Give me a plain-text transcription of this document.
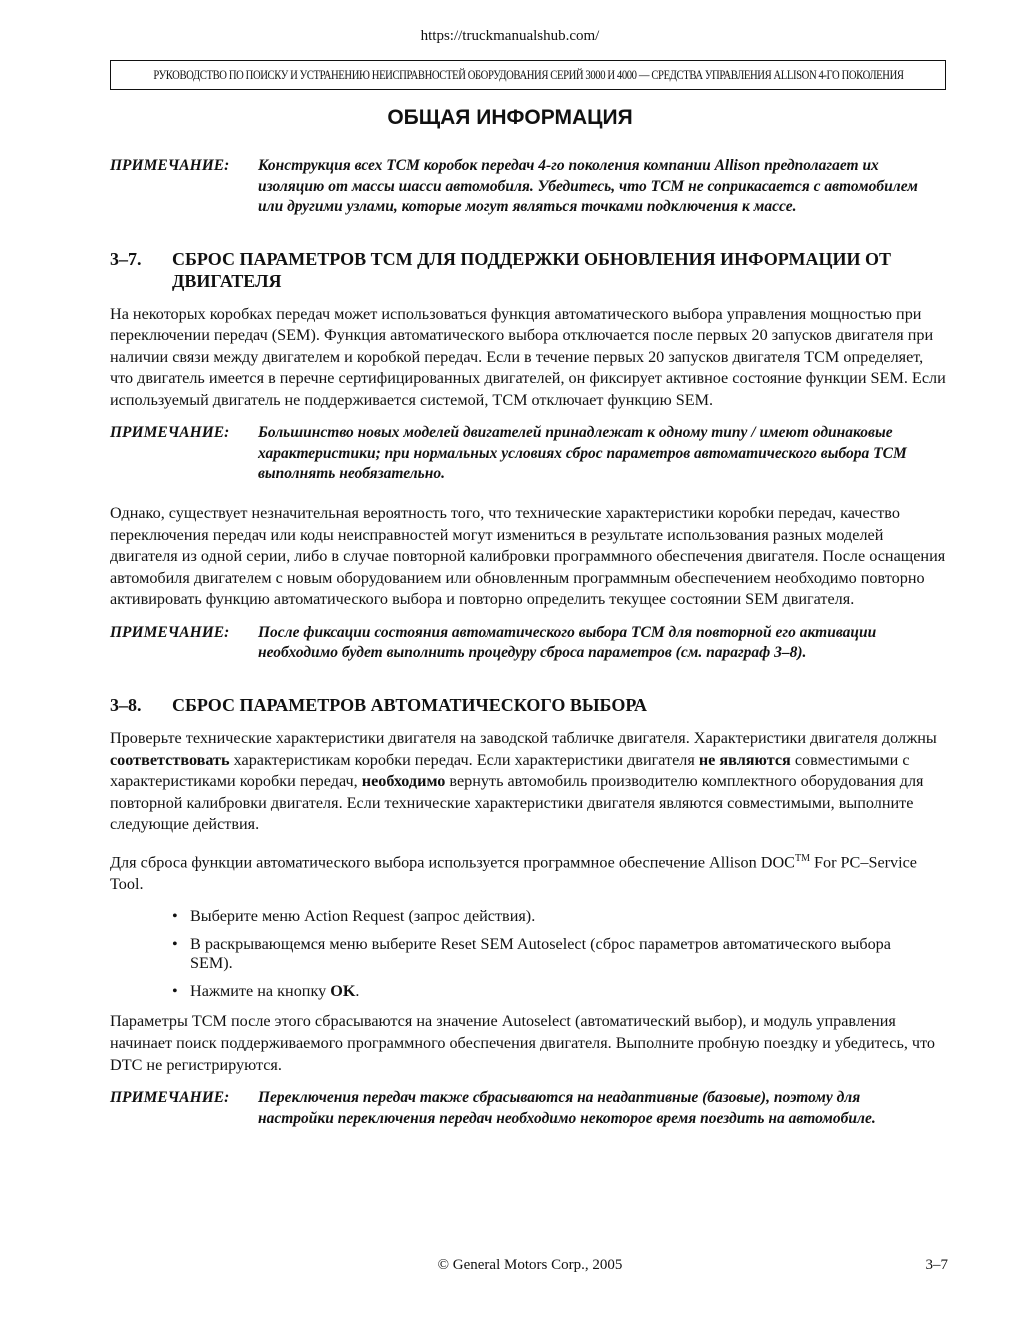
https://truckmanualshub.com/
РУКОВОДСТВО ПО ПОИСКУ И УСТРАНЕНИЮ НЕИСПРАВНОСТЕЙ ОБОРУДОВАНИЯ СЕРИЙ 3000 И 4000 — СРЕДСТВА УПРАВЛЕНИЯ ALLISON 4-ГО ПОКОЛЕНИЯ
ОБЩАЯ ИНФОРМАЦИЯ
ПРИМЕЧАНИЕ:	Конструкция всех TCM коробок передач 4-го поколения компании Allison предполагает их изоляцию от массы шасси автомобиля. Убедитесь, что TCM не соприкасается с автомобилем или другими узлами, которые могут являться точками подключения к массе.
3–7.	СБРОС ПАРАМЕТРОВ TCM ДЛЯ ПОДДЕРЖКИ ОБНОВЛЕНИЯ ИНФОРМАЦИИ ОТ ДВИГАТЕЛЯ

На некоторых коробках передач может использоваться функция автоматического выбора управления мощностью при переключении передач (SEM). Функция автоматического выбора отключается после первых 20 запусков двигателя при наличии связи между двигателем и коробкой передач. Если в течение первых 20 запусков двигателя TCM определяет, что двигатель имеется в перечне сертифицированных двигателей, он фиксирует активное состояние функции SEM. Если используемый двигатель не поддерживается системой, TCM отключает функцию SEM.

ПРИМЕЧАНИЕ:	Большинство новых моделей двигателей принадлежат к одному типу / имеют одинаковые характеристики; при нормальных условиях сброс параметров автоматического выбора TCM выполнять необязательно.

Однако, существует незначительная вероятность того, что технические характеристики коробки передач, качество переключения передач или коды неисправностей могут измениться в результате использования разных моделей двигателя из одной серии, либо в случае повторной калибровки программного обеспечения двигателя. После оснащения автомобиля двигателем с новым оборудованием или обновленным программным обеспечением необходимо повторно активировать функцию автоматического выбора и повторно определить текущее состоянии SEM двигателя.

ПРИМЕЧАНИЕ:	После фиксации состояния автоматического выбора TCM для повторной его активации необходимо будет выполнить процедуру сброса параметров (см. параграф 3–8).
3–8.	СБРОС ПАРАМЕТРОВ АВТОМАТИЧЕСКОГО ВЫБОРА

Проверьте технические характеристики двигателя на заводской табличке двигателя. Характеристики двигателя должны соответствовать характеристикам коробки передач. Если характеристики двигателя не являются совместимыми с характеристиками коробки передач, необходимо вернуть автомобиль производителю комплектного оборудования для повторной калибровки двигателя. Если технические характеристики двигателя являются совместимыми, выполните следующие действия.

Для сброса функции автоматического выбора используется программное обеспечение Allison DOC™ For PC–Service Tool.

• Выберите меню Action Request (запрос действия).
• В раскрывающемся меню выберите Reset SEM Autoselect (сброс параметров автоматического выбора SEM).
• Нажмите на кнопку OK.

Параметры TCM после этого сбрасываются на значение Autoselect (автоматический выбор), и модуль управления начинает поиск поддерживаемого программного обеспечения двигателя. Выполните пробную поездку и убедитесь, что DTC не регистрируются.

ПРИМЕЧАНИЕ:	Переключения передач также сбрасываются на неадаптивные (базовые), поэтому для настройки переключения передач необходимо некоторое время поездить на автомобиле.
© General Motors Corp., 2005	3–7
